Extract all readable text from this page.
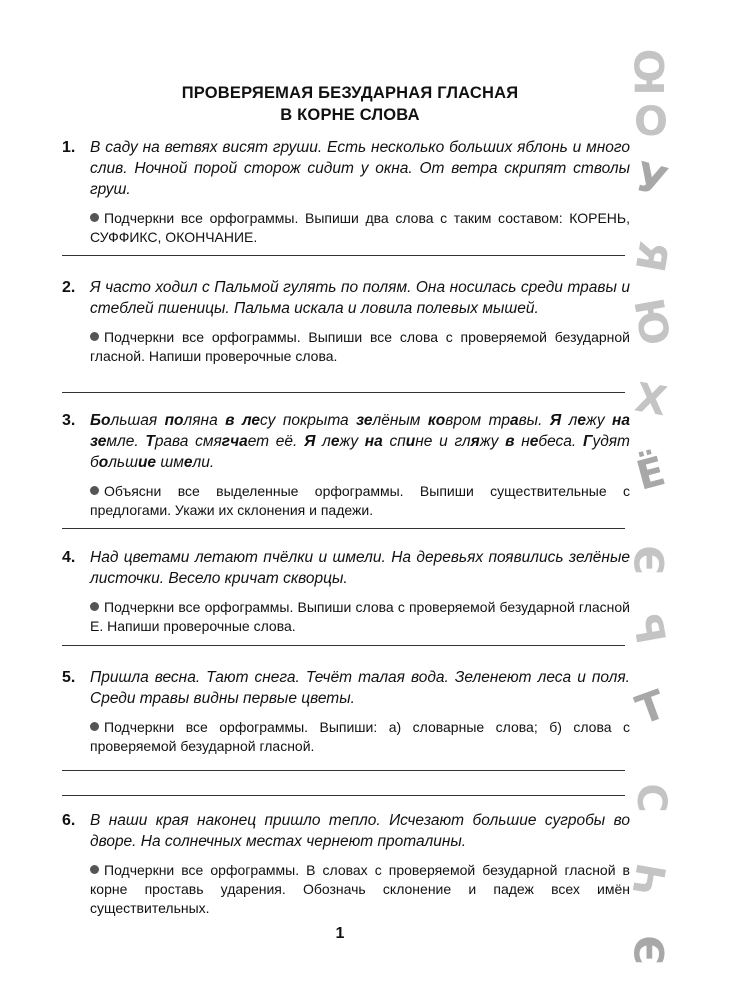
ПРОВЕРЯЕМАЯ БЕЗУДАРНАЯ ГЛАСНАЯ
В КОРНЕ СЛОВА
1. В саду на ветвях висят груши. Есть несколько больших яблонь и много слив. Ночной порой сторож сидит у окна. От ветра скрипят стволы груш.
Подчеркни все орфограммы. Выпиши два слова с таким составом: КОРЕНЬ, СУФФИКС, ОКОНЧАНИЕ.
2. Я часто ходил с Пальмой гулять по полям. Она носилась среди травы и стеблей пшеницы. Пальма искала и ловила полевых мышей.
Подчеркни все орфограммы. Выпиши все слова с проверяемой безударной гласной. Напиши проверочные слова.
3. Большая поляна в лесу покрыта зелёным ковром травы. Я лежу на земле. Трава смягчает её. Я лежу на спине и гляжу в небеса. Гудят большие шмели.
Объясни все выделенные орфограммы. Выпиши существительные с предлогами. Укажи их склонения и падежи.
4. Над цветами летают пчёлки и шмели. На деревьях появились зелёные листочки. Весело кричат скворцы.
Подчеркни все орфограммы. Выпиши слова с проверяемой безударной гласной Е. Напиши проверочные слова.
5. Пришла весна. Тают снега. Течёт талая вода. Зеленеют леса и поля. Среди травы видны первые цветы.
Подчеркни все орфограммы. Выпиши: а) словарные слова; б) слова с проверяемой безударной гласной.
6. В наши края наконец пришло тепло. Исчезают большие сугробы во дворе. На солнечных местах чернеют проталины.
Подчеркни все орфограммы. В словах с проверяемой безударной гласной в корне проставь ударения. Обозначь склонение и падеж всех имён существительных.
1
Ю
О
У
Я
Ю
Х
Ё
Э
Ь
Т
С
Ч
Э
